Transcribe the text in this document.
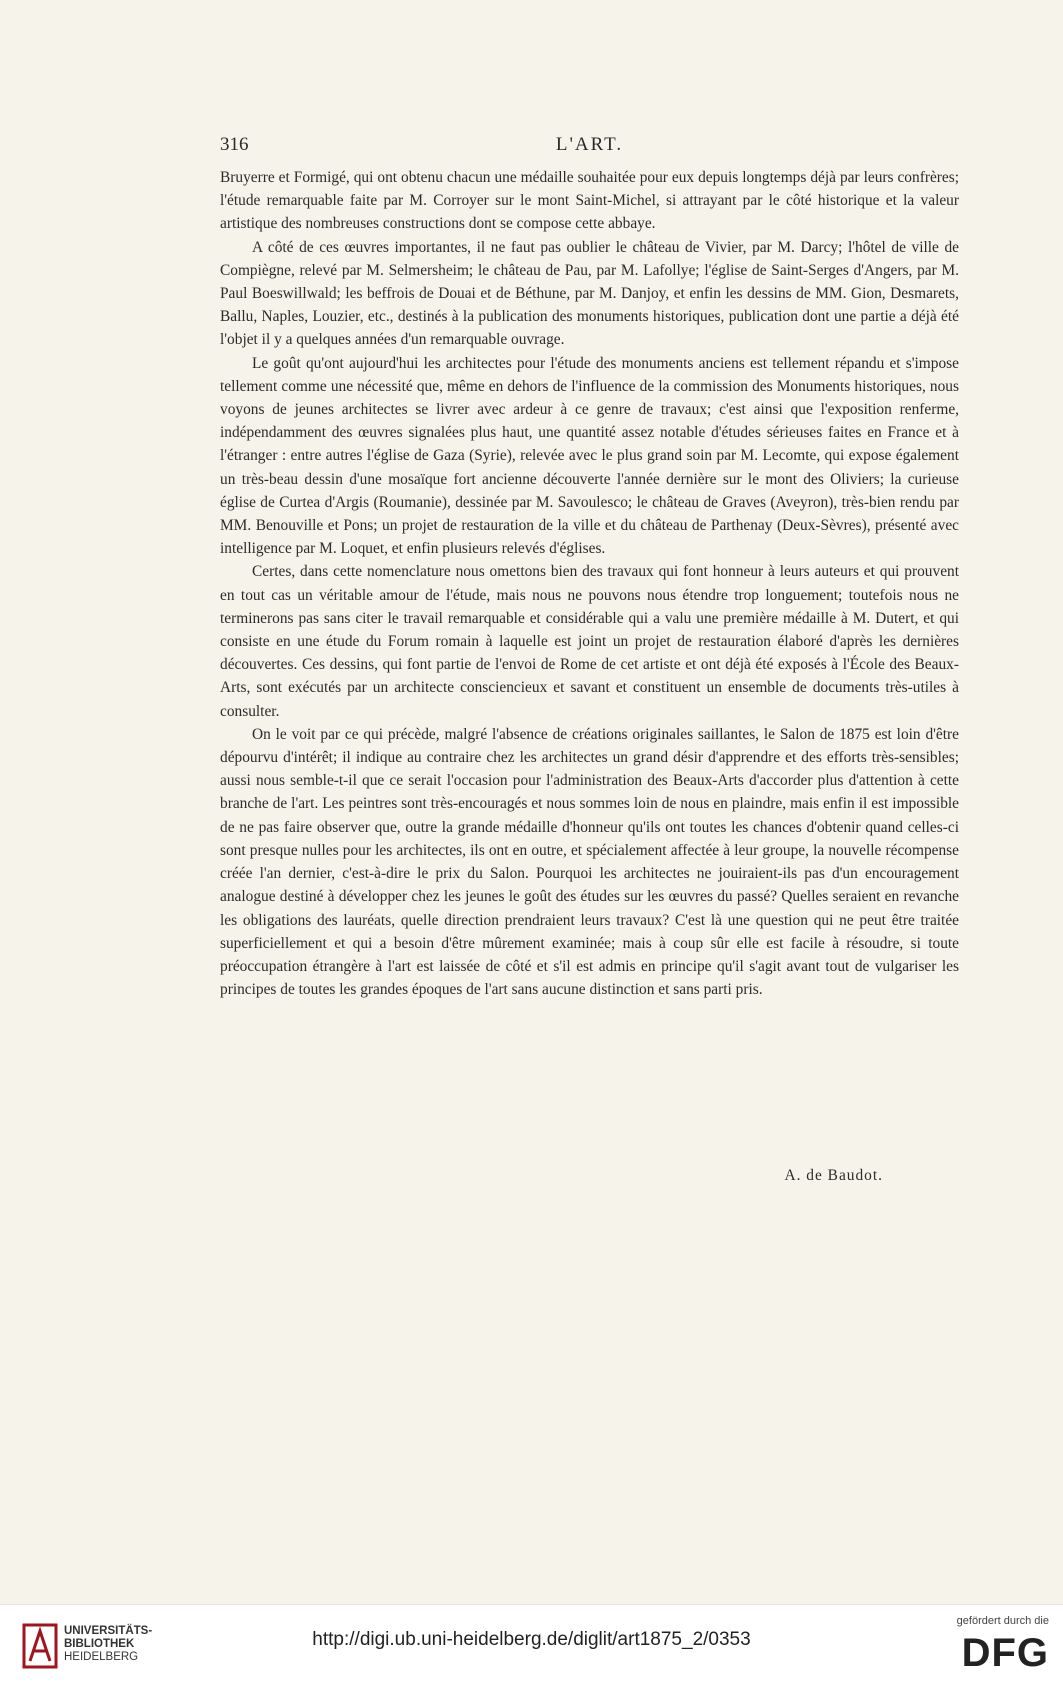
316	L'ART.

Bruyerre et Formigé, qui ont obtenu chacun une médaille souhaitée pour eux depuis longtemps déjà par leurs confrères; l'étude remarquable faite par M. Corroyer sur le mont Saint-Michel, si attrayant par le côté historique et la valeur artistique des nombreuses constructions dont se compose cette abbaye.

A côté de ces œuvres importantes, il ne faut pas oublier le château de Vivier, par M. Darcy; l'hôtel de ville de Compiègne, relevé par M. Selmersheim; le château de Pau, par M. Lafollye; l'église de Saint-Serges d'Angers, par M. Paul Boeswillwald; les beffrois de Douai et de Béthune, par M. Danjoy, et enfin les dessins de MM. Gion, Desmarets, Ballu, Naples, Louzier, etc., destinés à la publication des monuments historiques, publication dont une partie a déjà été l'objet il y a quelques années d'un remarquable ouvrage.

Le goût qu'ont aujourd'hui les architectes pour l'étude des monuments anciens est tellement répandu et s'impose tellement comme une nécessité que, même en dehors de l'influence de la commission des Monuments historiques, nous voyons de jeunes architectes se livrer avec ardeur à ce genre de travaux; c'est ainsi que l'exposition renferme, indépendamment des œuvres signalées plus haut, une quantité assez notable d'études sérieuses faites en France et à l'étranger : entre autres l'église de Gaza (Syrie), relevée avec le plus grand soin par M. Lecomte, qui expose également un très-beau dessin d'une mosaïque fort ancienne découverte l'année dernière sur le mont des Oliviers; la curieuse église de Curtea d'Argis (Roumanie), dessinée par M. Savoulesco; le château de Graves (Aveyron), très-bien rendu par MM. Benouville et Pons; un projet de restauration de la ville et du château de Parthenay (Deux-Sèvres), présenté avec intelligence par M. Loquet, et enfin plusieurs relevés d'églises.

Certes, dans cette nomenclature nous omettons bien des travaux qui font honneur à leurs auteurs et qui prouvent en tout cas un véritable amour de l'étude, mais nous ne pouvons nous étendre trop longuement; toutefois nous ne terminerons pas sans citer le travail remarquable et considérable qui a valu une première médaille à M. Dutert, et qui consiste en une étude du Forum romain à laquelle est joint un projet de restauration élaboré d'après les dernières découvertes. Ces dessins, qui font partie de l'envoi de Rome de cet artiste et ont déjà été exposés à l'École des Beaux-Arts, sont exécutés par un architecte consciencieux et savant et constituent un ensemble de documents très-utiles à consulter.

On le voit par ce qui précède, malgré l'absence de créations originales saillantes, le Salon de 1875 est loin d'être dépourvu d'intérêt; il indique au contraire chez les architectes un grand désir d'apprendre et des efforts très-sensibles; aussi nous semble-t-il que ce serait l'occasion pour l'administration des Beaux-Arts d'accorder plus d'attention à cette branche de l'art. Les peintres sont très-encouragés et nous sommes loin de nous en plaindre, mais enfin il est impossible de ne pas faire observer que, outre la grande médaille d'honneur qu'ils ont toutes les chances d'obtenir quand celles-ci sont presque nulles pour les architectes, ils ont en outre, et spécialement affectée à leur groupe, la nouvelle récompense créée l'an dernier, c'est-à-dire le prix du Salon. Pourquoi les architectes ne jouiraient-ils pas d'un encouragement analogue destiné à développer chez les jeunes le goût des études sur les œuvres du passé? Quelles seraient en revanche les obligations des lauréats, quelle direction prendraient leurs travaux? C'est là une question qui ne peut être traitée superficiellement et qui a besoin d'être mûrement examinée; mais à coup sûr elle est facile à résoudre, si toute préoccupation étrangère à l'art est laissée de côté et s'il est admis en principe qu'il s'agit avant tout de vulgariser les principes de toutes les grandes époques de l'art sans aucune distinction et sans parti pris.

A. de Baudot.
UNIVERSITÄTS-
BIBLIOTHEK
HEIDELBERG
http://digi.ub.uni-heidelberg.de/diglit/art1875_2/0353
gefördert durch die
DFG
